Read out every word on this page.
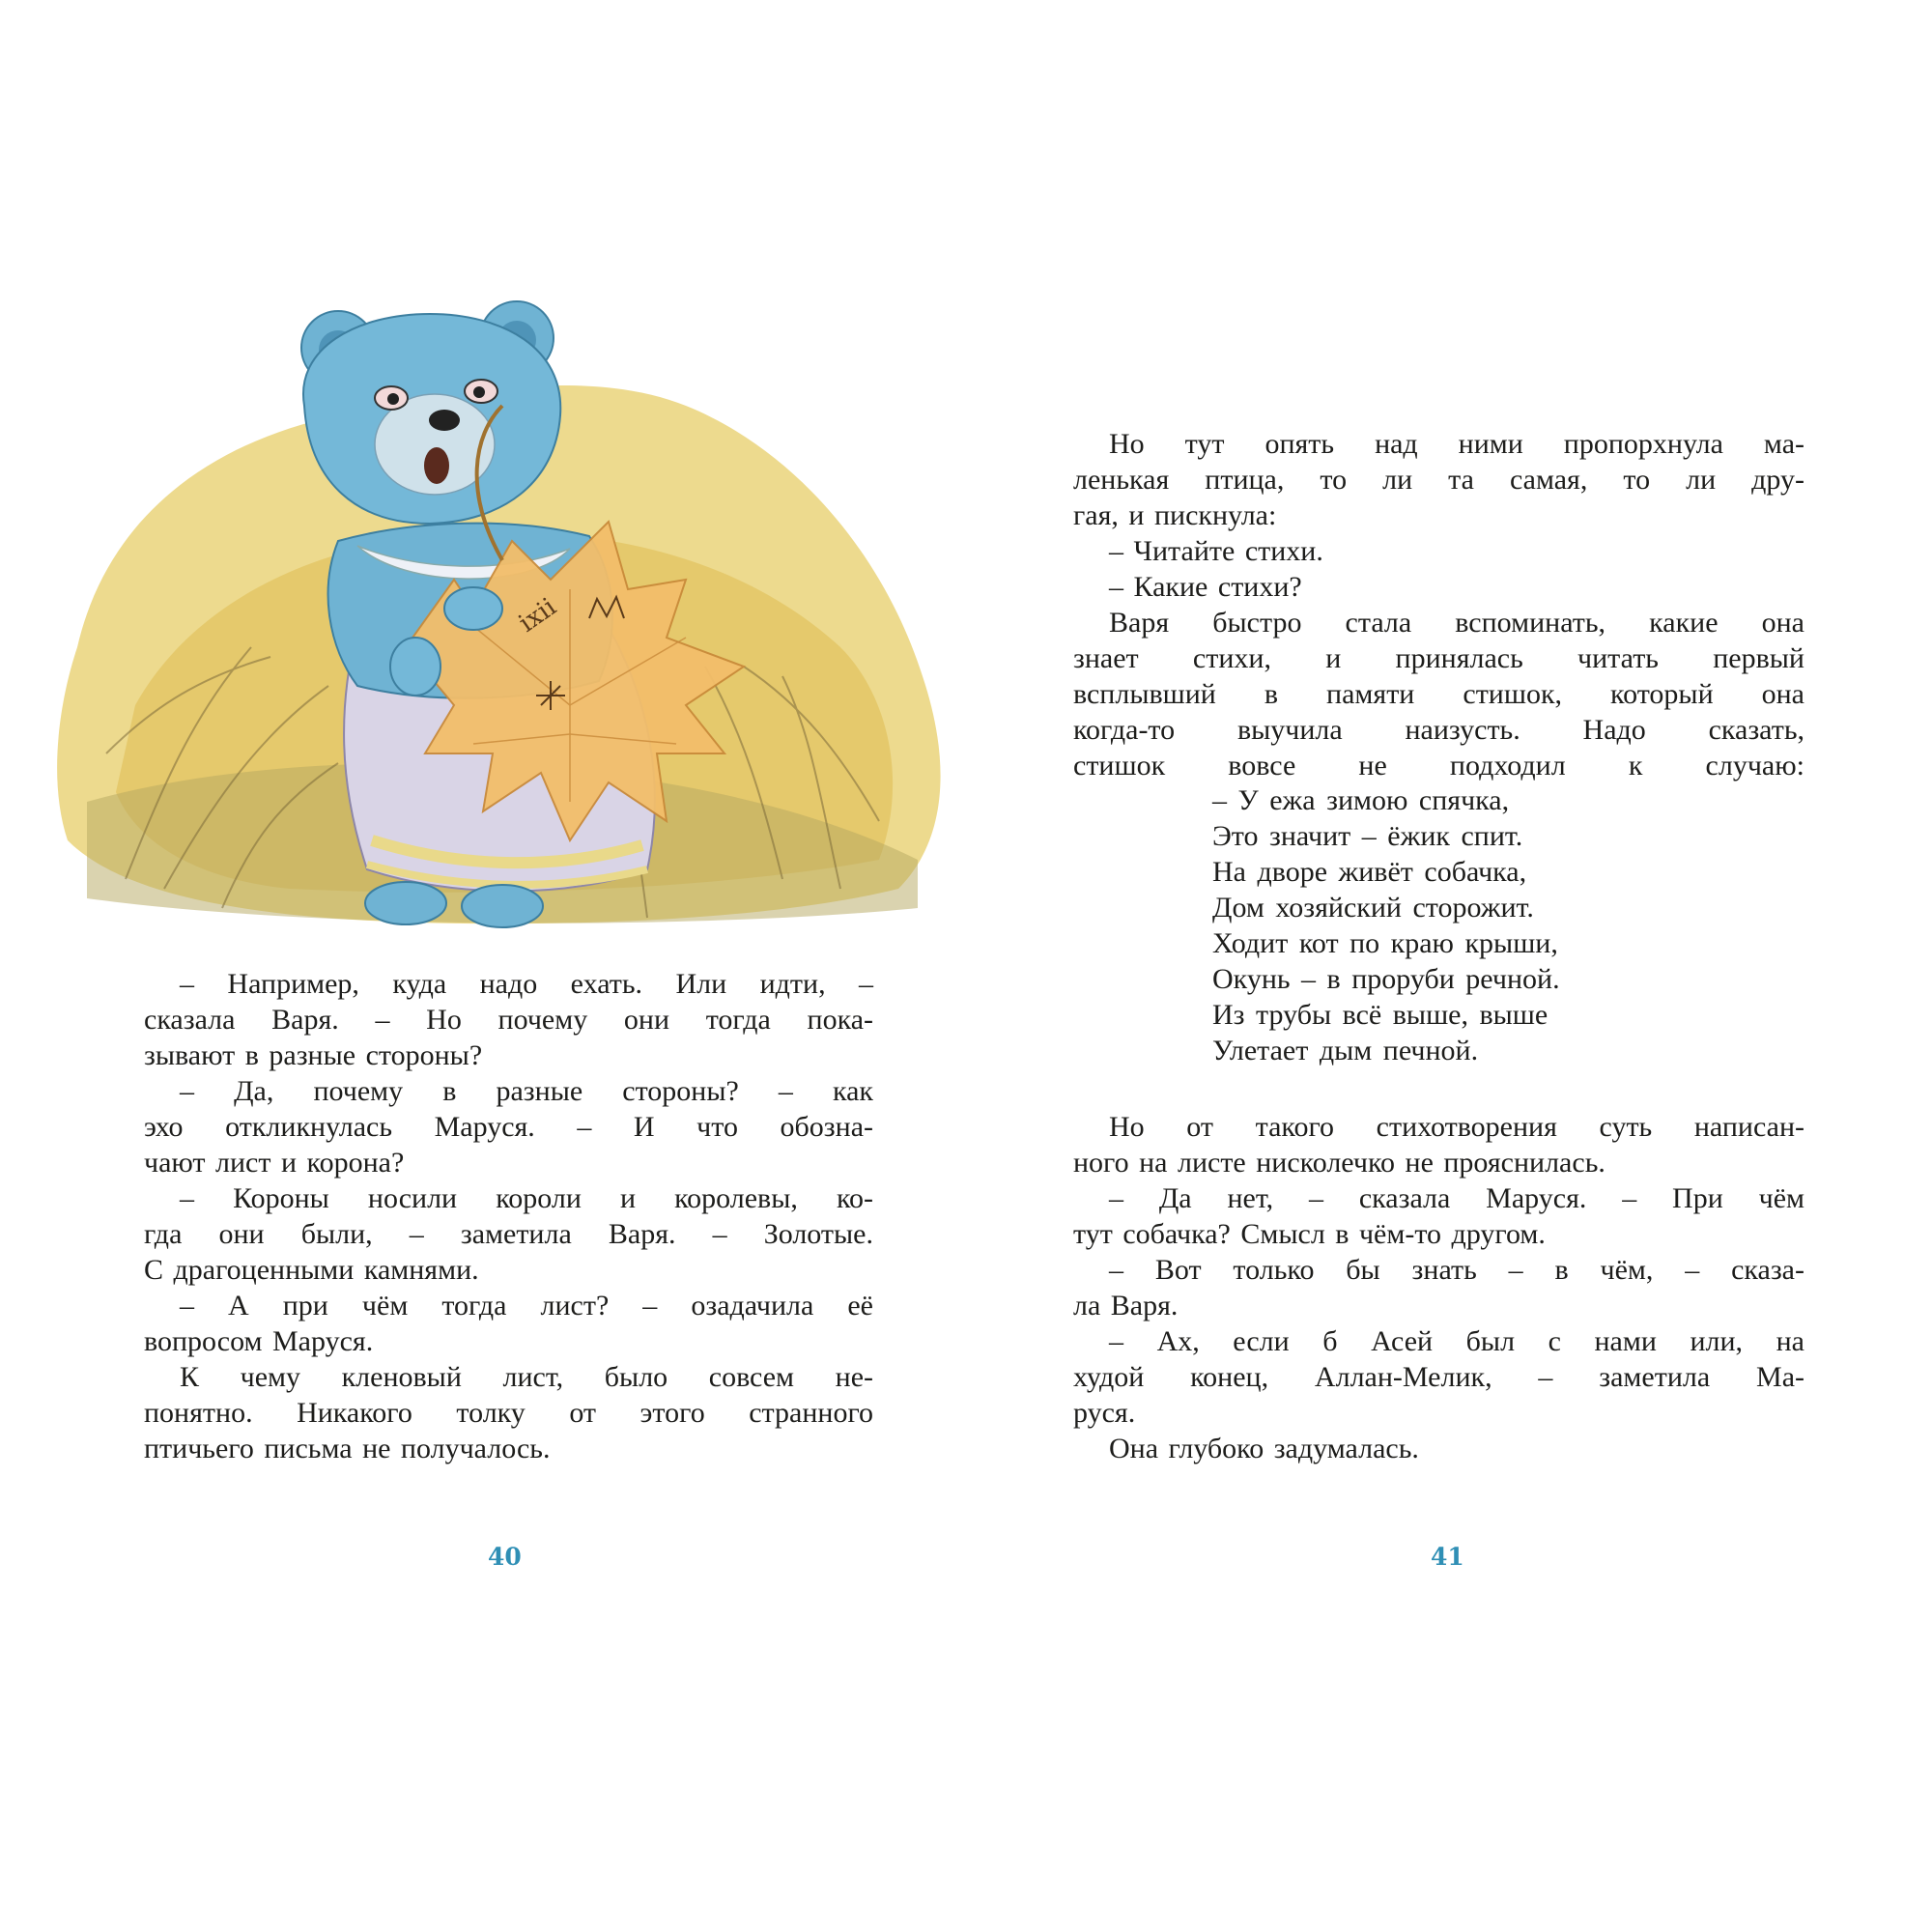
ixii
– Например, куда надо ехать. Или идти, –
сказала Варя. – Но почему они тогда пока-
зывают в разные стороны?
– Да, почему в разные стороны? – как
эхо откликнулась Маруся. – И что обозна-
чают лист и корона?
– Короны носили короли и королевы, ко-
гда они были, – заметила Варя. – Золотые.
С драгоценными камнями.
– А при чём тогда лист? – озадачила её
вопросом Маруся.
К чему кленовый лист, было совсем не-
понятно. Никакого толку от этого странного
птичьего письма не получалось.
40
Но тут опять над ними пропорхнула ма-
ленькая птица, то ли та самая, то ли дру-
гая, и пискнула:
– Читайте стихи.
– Какие стихи?
Варя быстро стала вспоминать, какие она
знает стихи, и принялась читать первый
всплывший в памяти стишок, который она
когда-то выучила наизусть. Надо сказать,
стишок вовсе не подходил к случаю:
– У ежа зимою спячка,
Это значит – ёжик спит.
На дворе живёт собачка,
Дом хозяйский сторожит.
Ходит кот по краю крыши,
Окунь – в проруби речной.
Из трубы всё выше, выше
Улетает дым печной.
Но от такого стихотворения суть написан-
ного на листе нисколечко не прояснилась.
– Да нет, – сказала Маруся. – При чём
тут собачка? Смысл в чём-то другом.
– Вот только бы знать – в чём, – сказа-
ла Варя.
– Ах, если б Асей был с нами или, на
худой конец, Аллан-Мелик, – заметила Ма-
руся.
Она глубоко задумалась.
41
